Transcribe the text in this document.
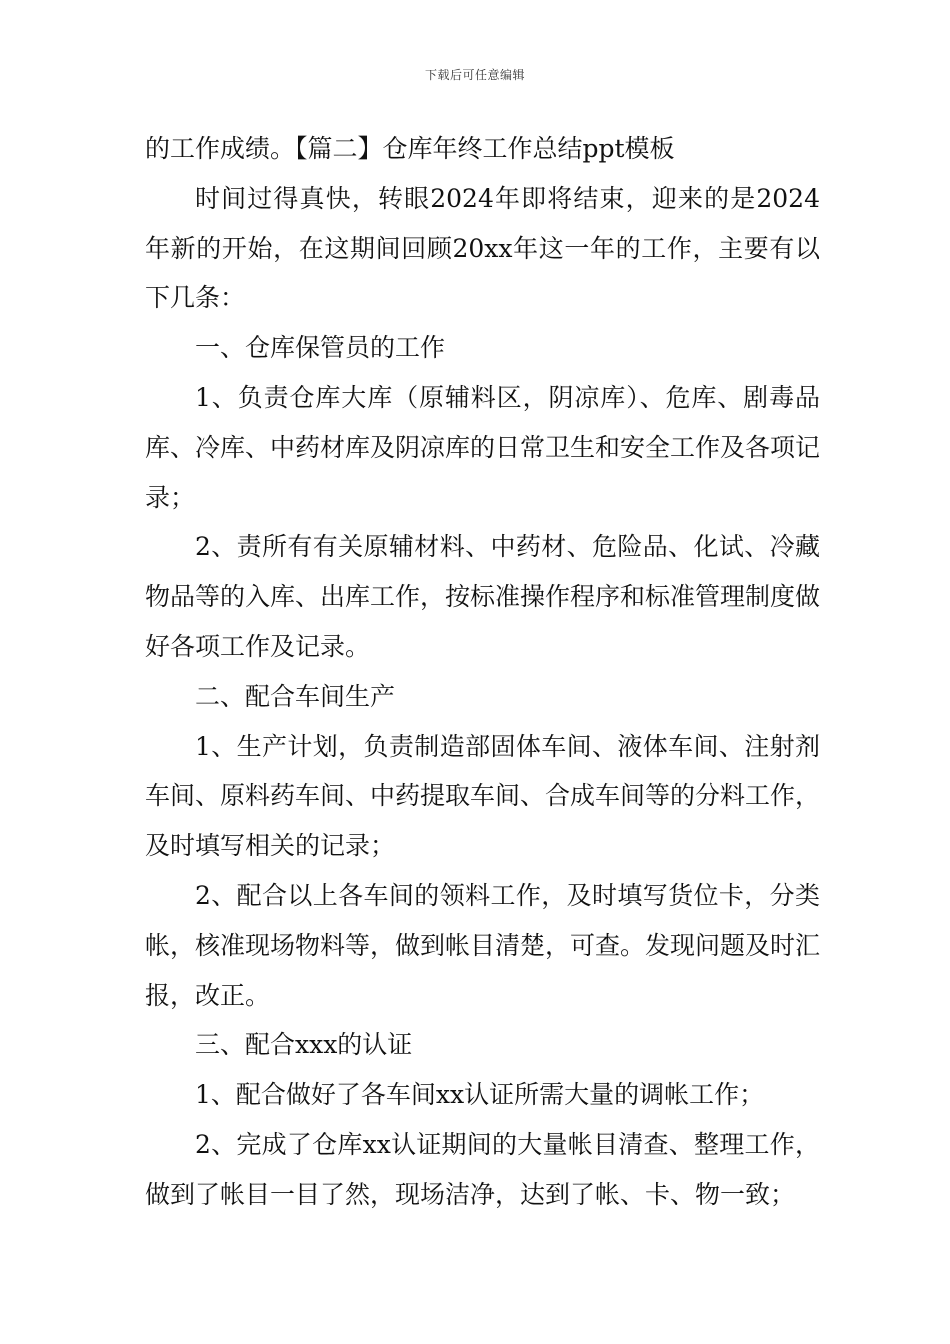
下载后可任意编辑

的工作成绩。【篇二】仓库年终工作总结ppt模板

时间过得真快，转眼2024年即将结束，迎来的是2024年新的开始，在这期间回顾20xx年这一年的工作，主要有以下几条：

一、仓库保管员的工作

1、负责仓库大库（原辅料区，阴凉库）、危库、剧毒品库、冷库、中药材库及阴凉库的日常卫生和安全工作及各项记录；

2、责所有有关原辅材料、中药材、危险品、化试、冷藏物品等的入库、出库工作，按标准操作程序和标准管理制度做好各项工作及记录。

二、配合车间生产

1、生产计划，负责制造部固体车间、液体车间、注射剂车间、原料药车间、中药提取车间、合成车间等的分料工作，及时填写相关的记录；

2、配合以上各车间的领料工作，及时填写货位卡，分类帐，核准现场物料等，做到帐目清楚，可查。发现问题及时汇报，改正。

三、配合xxx的认证

1、配合做好了各车间xx认证所需大量的调帐工作；

2、完成了仓库xx认证期间的大量帐目清查、整理工作，做到了帐目一目了然，现场洁净，达到了帐、卡、物一致；
